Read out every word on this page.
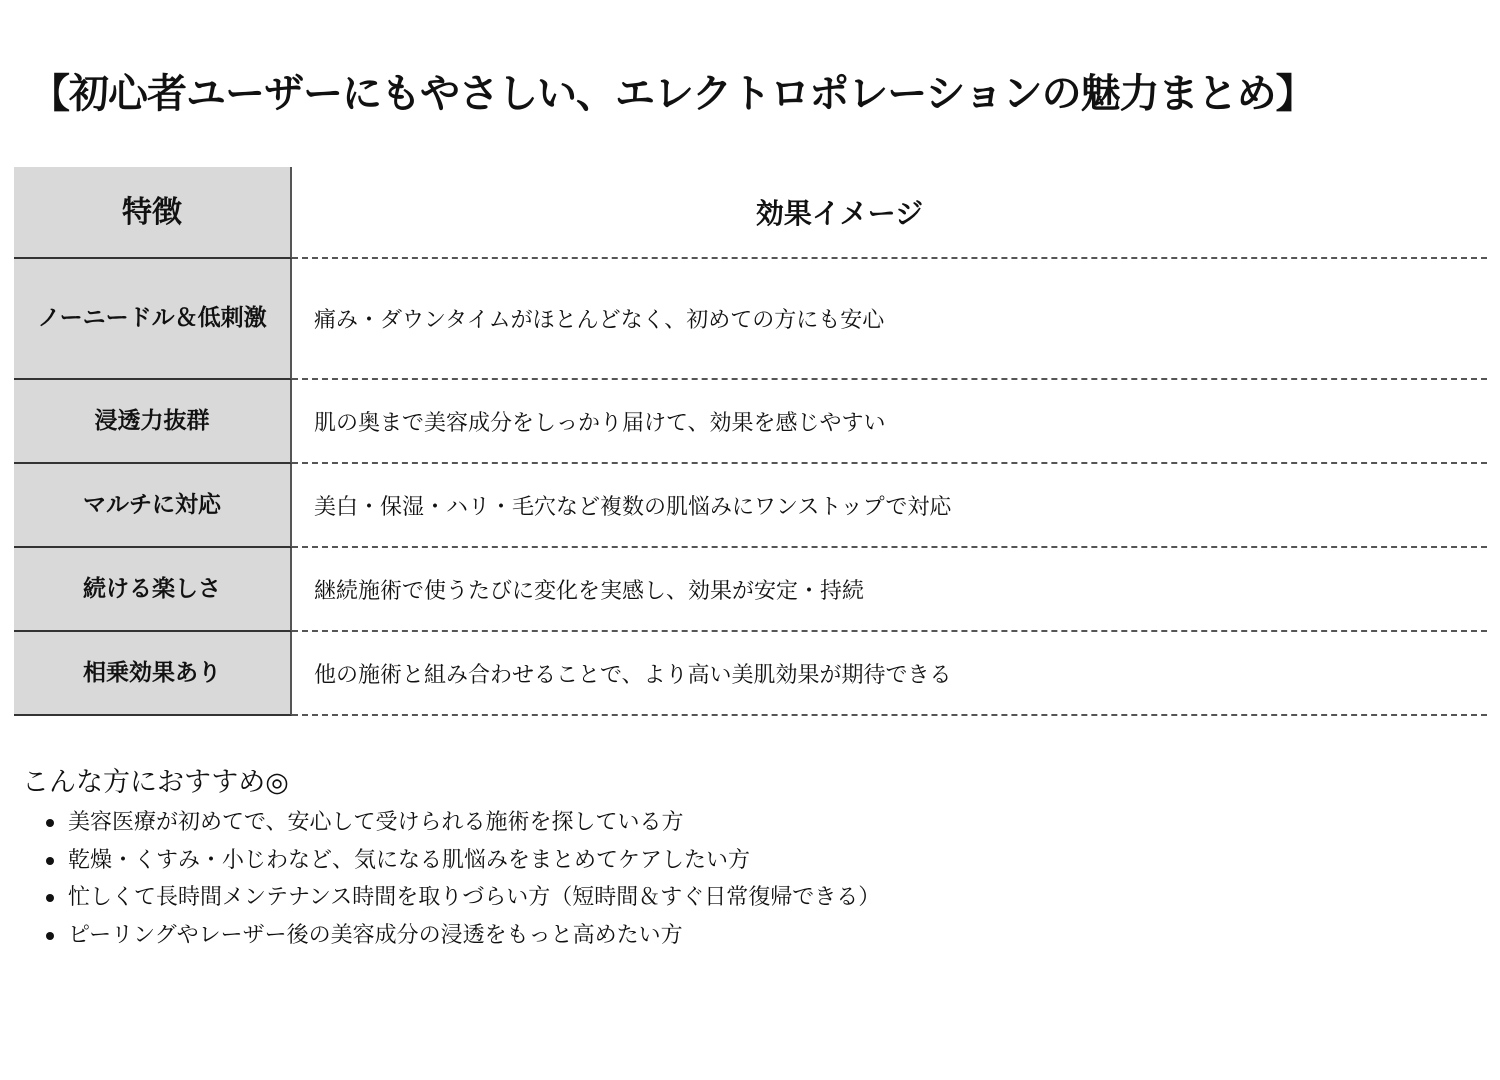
【初心者ユーザーにもやさしい、エレクトロポレーションの魅力まとめ】
特徴	効果イメージ
ノーニードル＆ 低刺激	痛み・ダウンタイムがほとんどなく、初めての方にも安心
浸透力抜群	肌の奥まで美容成分をしっかり届けて、効果を感じやすい
マルチに対応	美白・保湿・ハリ・毛穴など複数の肌悩みにワンストップで対応
続ける楽しさ	継続施術で使うたびに変化を実感し、効果が安定・持続
相乗効果あり	他の施術と組み合わせることで、より高い美肌効果が期待できる
こんな方におすすめ◎
美容医療が初めてで、安心して受けられる施術を探している方
乾燥・くすみ・小じわなど、気になる肌悩みをまとめてケアしたい方
忙しくて長時間メンテナンス時間を取りづらい方（短時間＆すぐ日常復帰できる）
ピーリングやレーザー後の美容成分の浸透をもっと高めたい方
